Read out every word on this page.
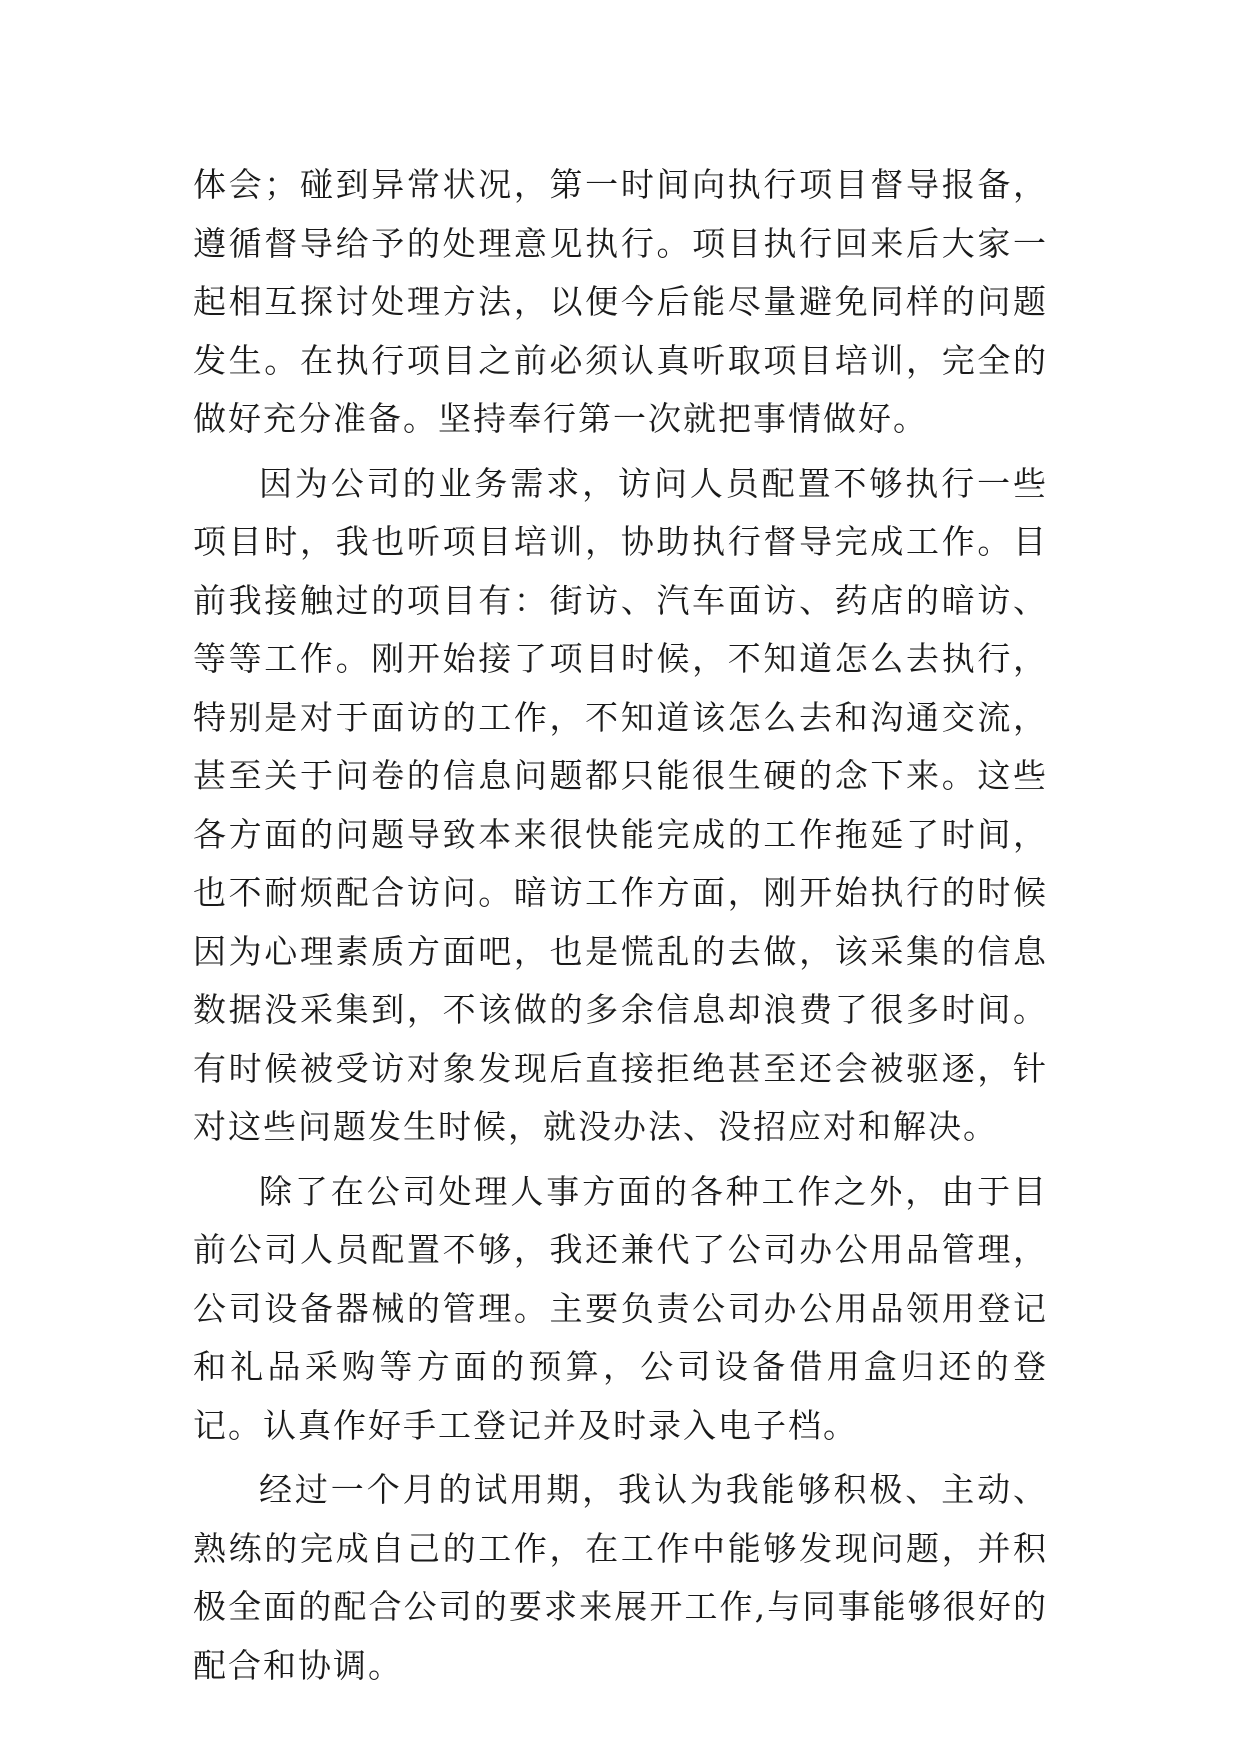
体会；碰到异常状况，第一时间向执行项目督导报备，遵循督导给予的处理意见执行。项目执行回来后大家一起相互探讨处理方法，以便今后能尽量避免同样的问题发生。在执行项目之前必须认真听取项目培训，完全的做好充分准备。坚持奉行第一次就把事情做好。

因为公司的业务需求，访问人员配置不够执行一些项目时，我也听项目培训，协助执行督导完成工作。目前我接触过的项目有：街访、汽车面访、药店的暗访、等等工作。刚开始接了项目时候，不知道怎么去执行，特别是对于面访的工作，不知道该怎么去和沟通交流，甚至关于问卷的信息问题都只能很生硬的念下来。这些各方面的问题导致本来很快能完成的工作拖延了时间，也不耐烦配合访问。暗访工作方面，刚开始执行的时候因为心理素质方面吧，也是慌乱的去做，该采集的信息数据没采集到，不该做的多余信息却浪费了很多时间。有时候被受访对象发现后直接拒绝甚至还会被驱逐，针对这些问题发生时候，就没办法、没招应对和解决。

除了在公司处理人事方面的各种工作之外，由于目前公司人员配置不够，我还兼代了公司办公用品管理，公司设备器械的管理。主要负责公司办公用品领用登记和礼品采购等方面的预算，公司设备借用盒归还的登记。认真作好手工登记并及时录入电子档。

经过一个月的试用期，我认为我能够积极、主动、熟练的完成自己的工作，在工作中能够发现问题，并积极全面的配合公司的要求来展开工作,与同事能够很好的配合和协调。
